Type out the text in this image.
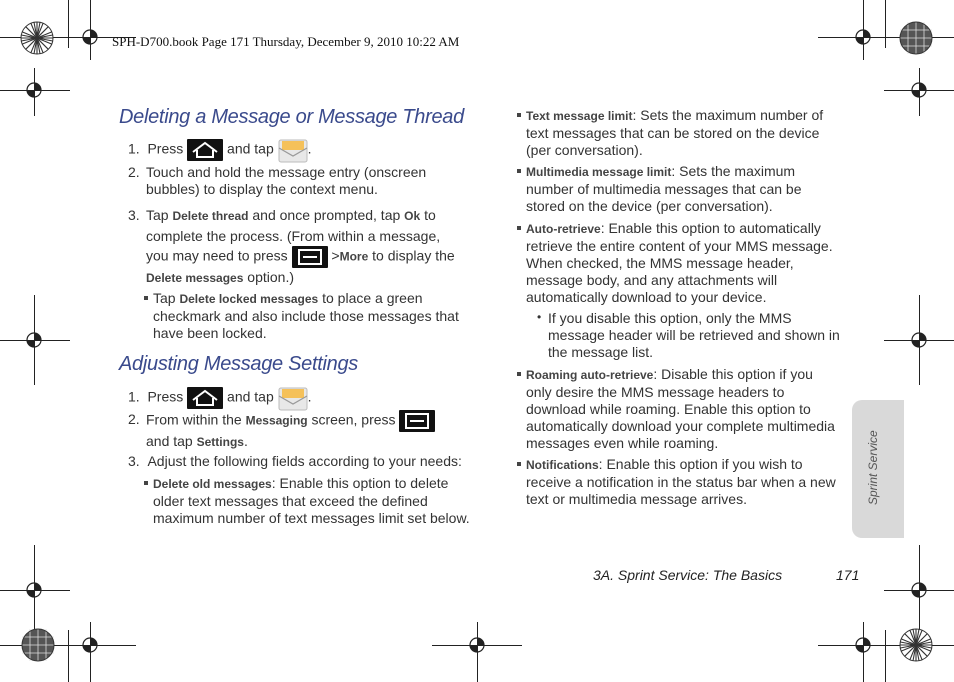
SPH-D700.book Page 171 Thursday, December 9, 2010 10:22 AM
Deleting a Message or Message Thread
1. Press	and tap .
2. Touch and hold the message entry (onscreen bubbles) to display the context menu.
3. Tap Delete thread and once prompted, tap Ok to complete the process. (From within a message, you may need to press	>More to display the Delete messages option.)
Tap Delete locked messages to place a green checkmark and also include those messages that have been locked.
Adjusting Message Settings
1. Press	and tap .
2. From within the Messaging screen, press
and tap Settings.
3. Adjust the following fields according to your needs:
Delete old messages: Enable this option to delete older text messages that exceed the defined maximum number of text messages limit set below.
Text message limit: Sets the maximum number of text messages that can be stored on the device (per conversation).
Multimedia message limit: Sets the maximum number of multimedia messages that can be stored on the device (per conversation).
Auto-retrieve: Enable this option to automatically retrieve the entire content of your MMS message. When checked, the MMS message header, message body, and any attachments will automatically download to your device.
• If you disable this option, only the MMS message header will be retrieved and shown in the message list.
Roaming auto-retrieve: Disable this option if you only desire the MMS message headers to download while roaming. Enable this option to automatically download your complete multimedia messages even while roaming.
Notifications: Enable this option if you wish to receive a notification in the status bar when a new text or multimedia message arrives.	Sprint Service
3A. Sprint Service: The Basics	171
